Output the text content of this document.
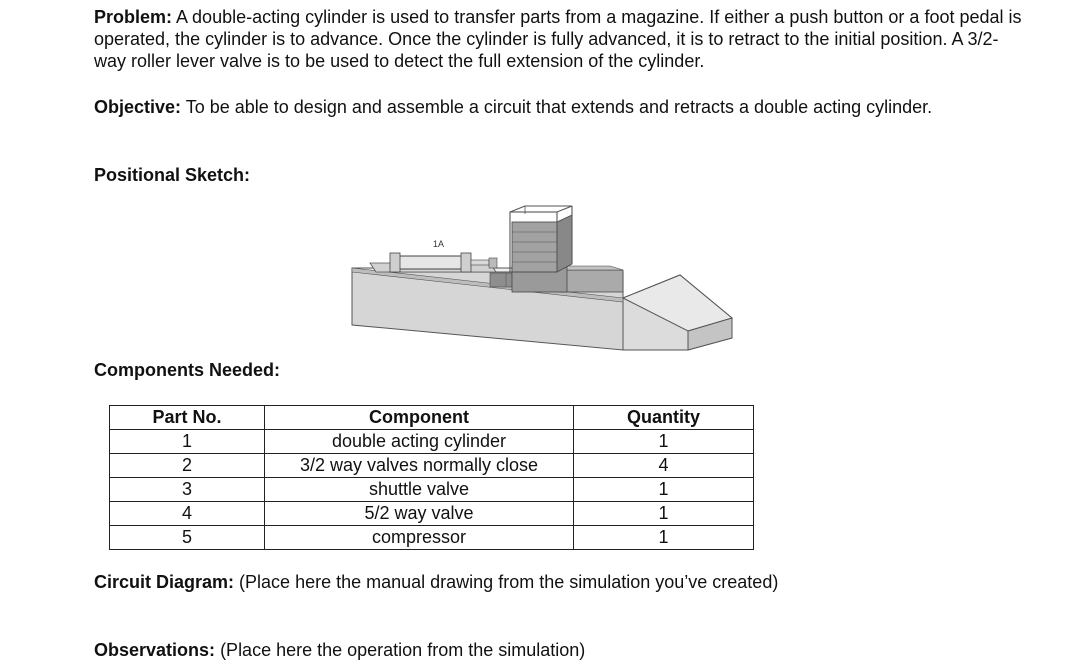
Problem: A double-acting cylinder is used to transfer parts from a magazine. If either a push button or a foot pedal is operated, the cylinder is to advance. Once the cylinder is fully advanced, it is to retract to the initial position. A 3/2-way roller lever valve is to be used to detect the full extension of the cylinder.

Objective: To be able to design and assemble a circuit that extends and retracts a double acting cylinder.

Positional Sketch:

1A

Components Needed:

Part No.	Component	Quantity
1	double acting cylinder	1
2	3/2 way valves normally close	4
3	shuttle valve	1
4	5/2 way valve	1
5	compressor	1

Circuit Diagram: (Place here the manual drawing from the simulation you’ve created)

Observations: (Place here the operation from the simulation)
